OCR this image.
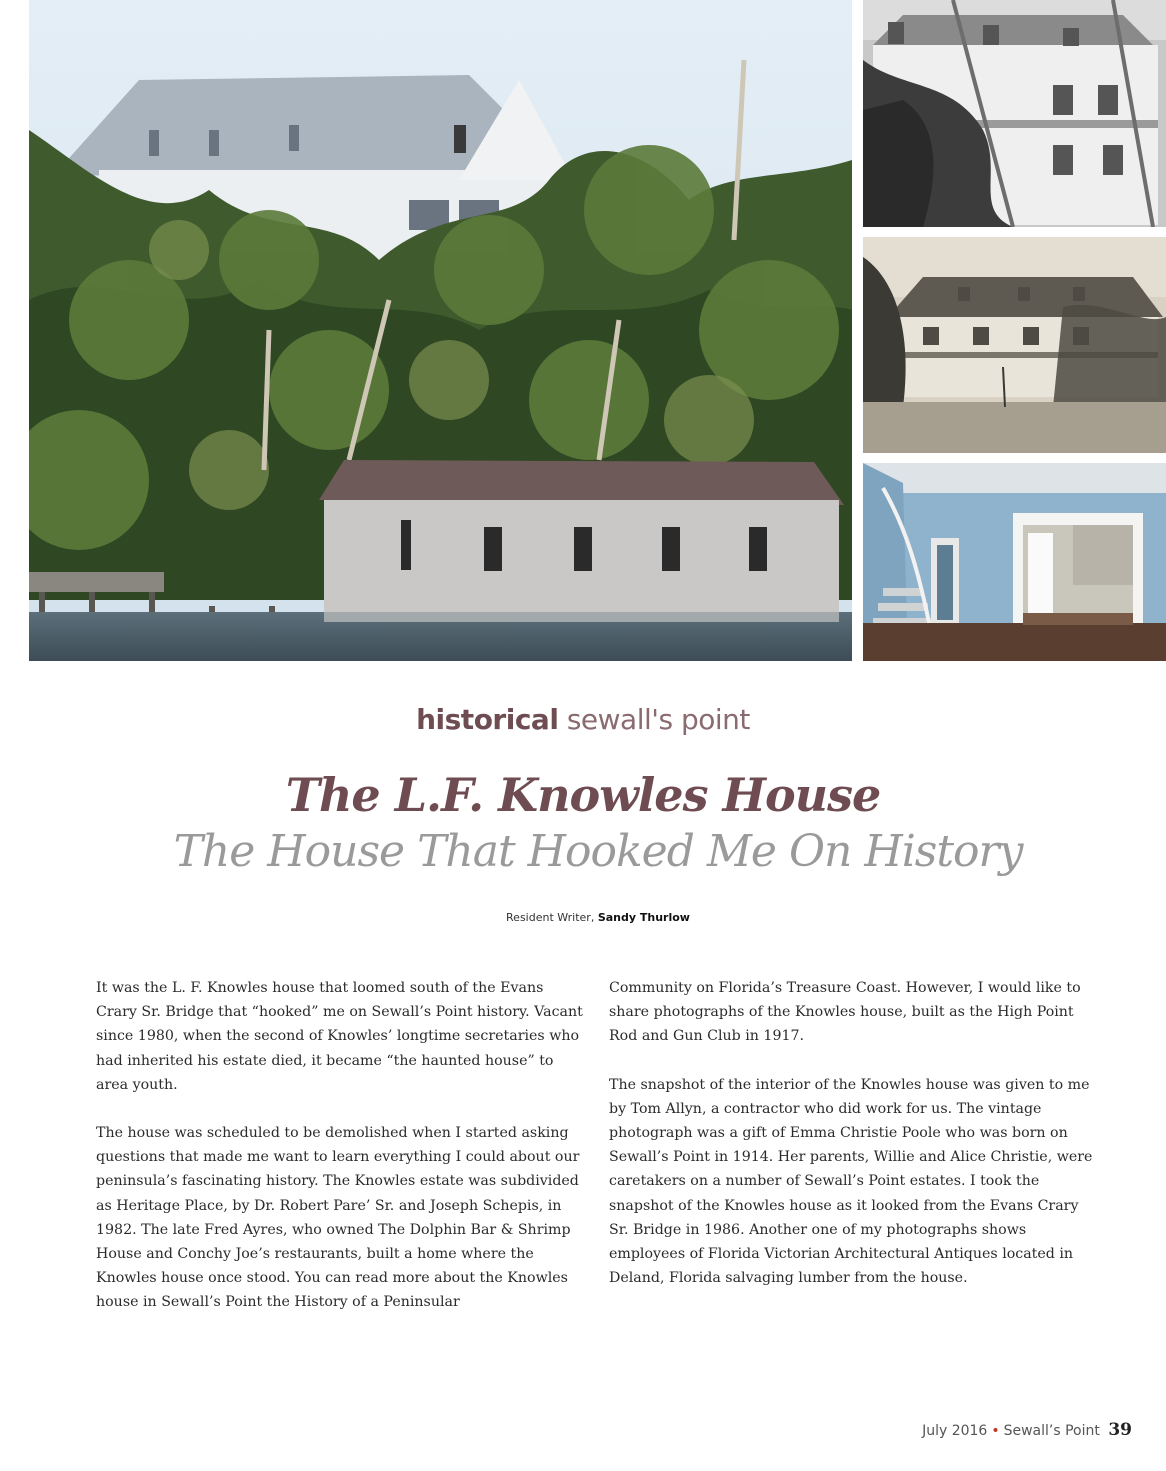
historical sewall's point
The L.F. Knowles House
The House That Hooked Me On History
Resident Writer, Sandy Thurlow

It was the L. F. Knowles house that loomed south of the Evans Crary Sr. Bridge that “hooked” me on Sewall’s Point history. Vacant since 1980, when the second of Knowles’ longtime secretaries who had inherited his estate died, it became “the haunted house” to area youth.

The house was scheduled to be demolished when I started asking questions that made me want to learn everything I could about our peninsula’s fascinating history. The Knowles estate was subdivided as Heritage Place, by Dr. Robert Pare’ Sr. and Joseph Schepis, in 1982. The late Fred Ayres, who owned The Dolphin Bar & Shrimp House and Conchy Joe’s restaurants, built a home where the Knowles house once stood. You can read more about the Knowles house in Sewall’s Point the History of a Peninsular

Community on Florida’s Treasure Coast. However, I would like to share photographs of the Knowles house, built as the High Point Rod and Gun Club in 1917.

The snapshot of the interior of the Knowles house was given to me by Tom Allyn, a contractor who did work for us. The vintage photograph was a gift of Emma Christie Poole who was born on Sewall’s Point in 1914. Her parents, Willie and Alice Christie, were caretakers on a number of Sewall’s Point estates. I took the snapshot of the Knowles house as it looked from the Evans Crary Sr. Bridge in 1986. Another one of my photographs shows employees of Florida Victorian Architectural Antiques located in Deland, Florida salvaging lumber from the house.

July 2016 • Sewall’s Point 39
